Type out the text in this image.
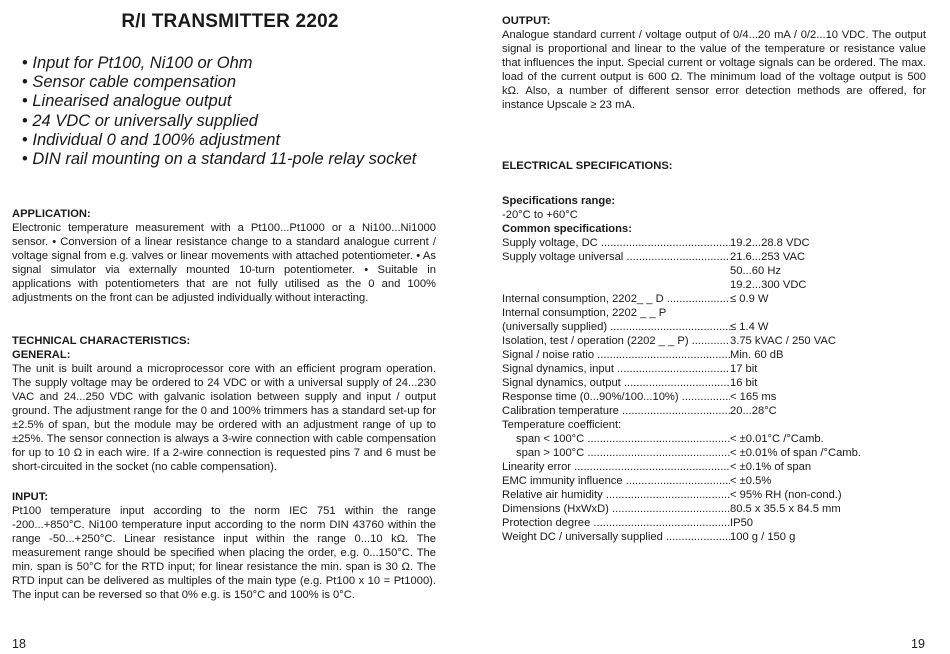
R/I TRANSMITTER 2202
• Input for Pt100, Ni100 or Ohm
• Sensor cable compensation
• Linearised analogue output
• 24 VDC or universally supplied
• Individual 0 and 100% adjustment
• DIN rail mounting on a standard 11-pole relay socket
APPLICATION:

Electronic temperature measurement with a Pt100...Pt1000 or a Ni100...Ni1000 sensor. • Conversion of a linear resistance change to a standard analogue current / voltage signal from e.g. valves or linear movements with attached potentiometer. • As signal simulator via externally mounted 10-turn potentiometer. • Suitable in applications with potentiometers that are not fully utilised as the 0 and 100% adjustments on the front can be adjusted individually without interacting.

TECHNICAL CHARACTERISTICS:
GENERAL:

The unit is built around a microprocessor core with an efficient program operation. The supply voltage may be ordered to 24 VDC or with a universal supply of 24...230 VAC and 24...250 VDC with galvanic isolation between supply and input / output ground. The adjustment range for the 0 and 100% trimmers has a standard set-up for ±2.5% of span, but the module may be ordered with an adjustment range of up to ±25%. The sensor connection is always a 3-wire connection with cable compensation for up to 10 Ω in each wire. If a 2-wire connection is requested pins 7 and 6 must be short-circuited in the socket (no cable compensation).

INPUT:

Pt100 temperature input according to the norm IEC 751 within the range -200...+850°C. Ni100 temperature input according to the norm DIN 43760 within the range -50...+250°C. Linear resistance input within the range 0...10 kΩ. The measurement range should be specified when placing the order, e.g. 0...150°C. The min. span is 50°C for the RTD input; for linear resistance the min. span is 30 Ω. The RTD input can be delivered as multiples of the main type (e.g. Pt100 x 10 = Pt1000). The input can be reversed so that 0% e.g. is 150°C and 100% is 0°C.

18
OUTPUT:

Analogue standard current / voltage output of 0/4...20 mA / 0/2...10 VDC. The output signal is proportional and linear to the value of the temperature or resistance value that influences the input. Special current or voltage signals can be ordered. The max. load of the current output is 600 Ω. The minimum load of the voltage output is 500 kΩ. Also, a number of different sensor error detection methods are offered, for instance Upscale ≥ 23 mA.

ELECTRICAL SPECIFICATIONS:
Specifications range:
-20°C to +60°C
Common specifications:
Supply voltage, DC .....	19.2...28.8 VDC
Supply voltage universal .....	21.6...253 VAC
50...60 Hz
19.2...300 VDC
Internal consumption, 2202_ _ D .....	≤ 0.9 W
Internal consumption, 2202 _ _ P
(universally supplied) .....	≤ 1.4 W
Isolation, test / operation (2202 _ _ P) .....	3.75 kVAC / 250 VAC
Signal / noise ratio .....	Min. 60 dB
Signal dynamics, input .....	17 bit
Signal dynamics, output .....	16 bit
Response time (0...90%/100...10%) .....	< 165 ms
Calibration temperature .....	20...28°C
Temperature coefficient:
span < 100°C .....	< ±0.01°C /°Camb.
span > 100°C .....	< ±0.01% of span /°Camb.
Linearity error .....	< ±0.1% of span
EMC immunity influence .....	< ±0.5%
Relative air humidity .....	< 95% RH (non-cond.)
Dimensions (HxWxD) .....	80.5 x 35.5 x 84.5 mm
Protection degree .....	IP50
Weight DC / universally supplied .....	100 g / 150 g
19
